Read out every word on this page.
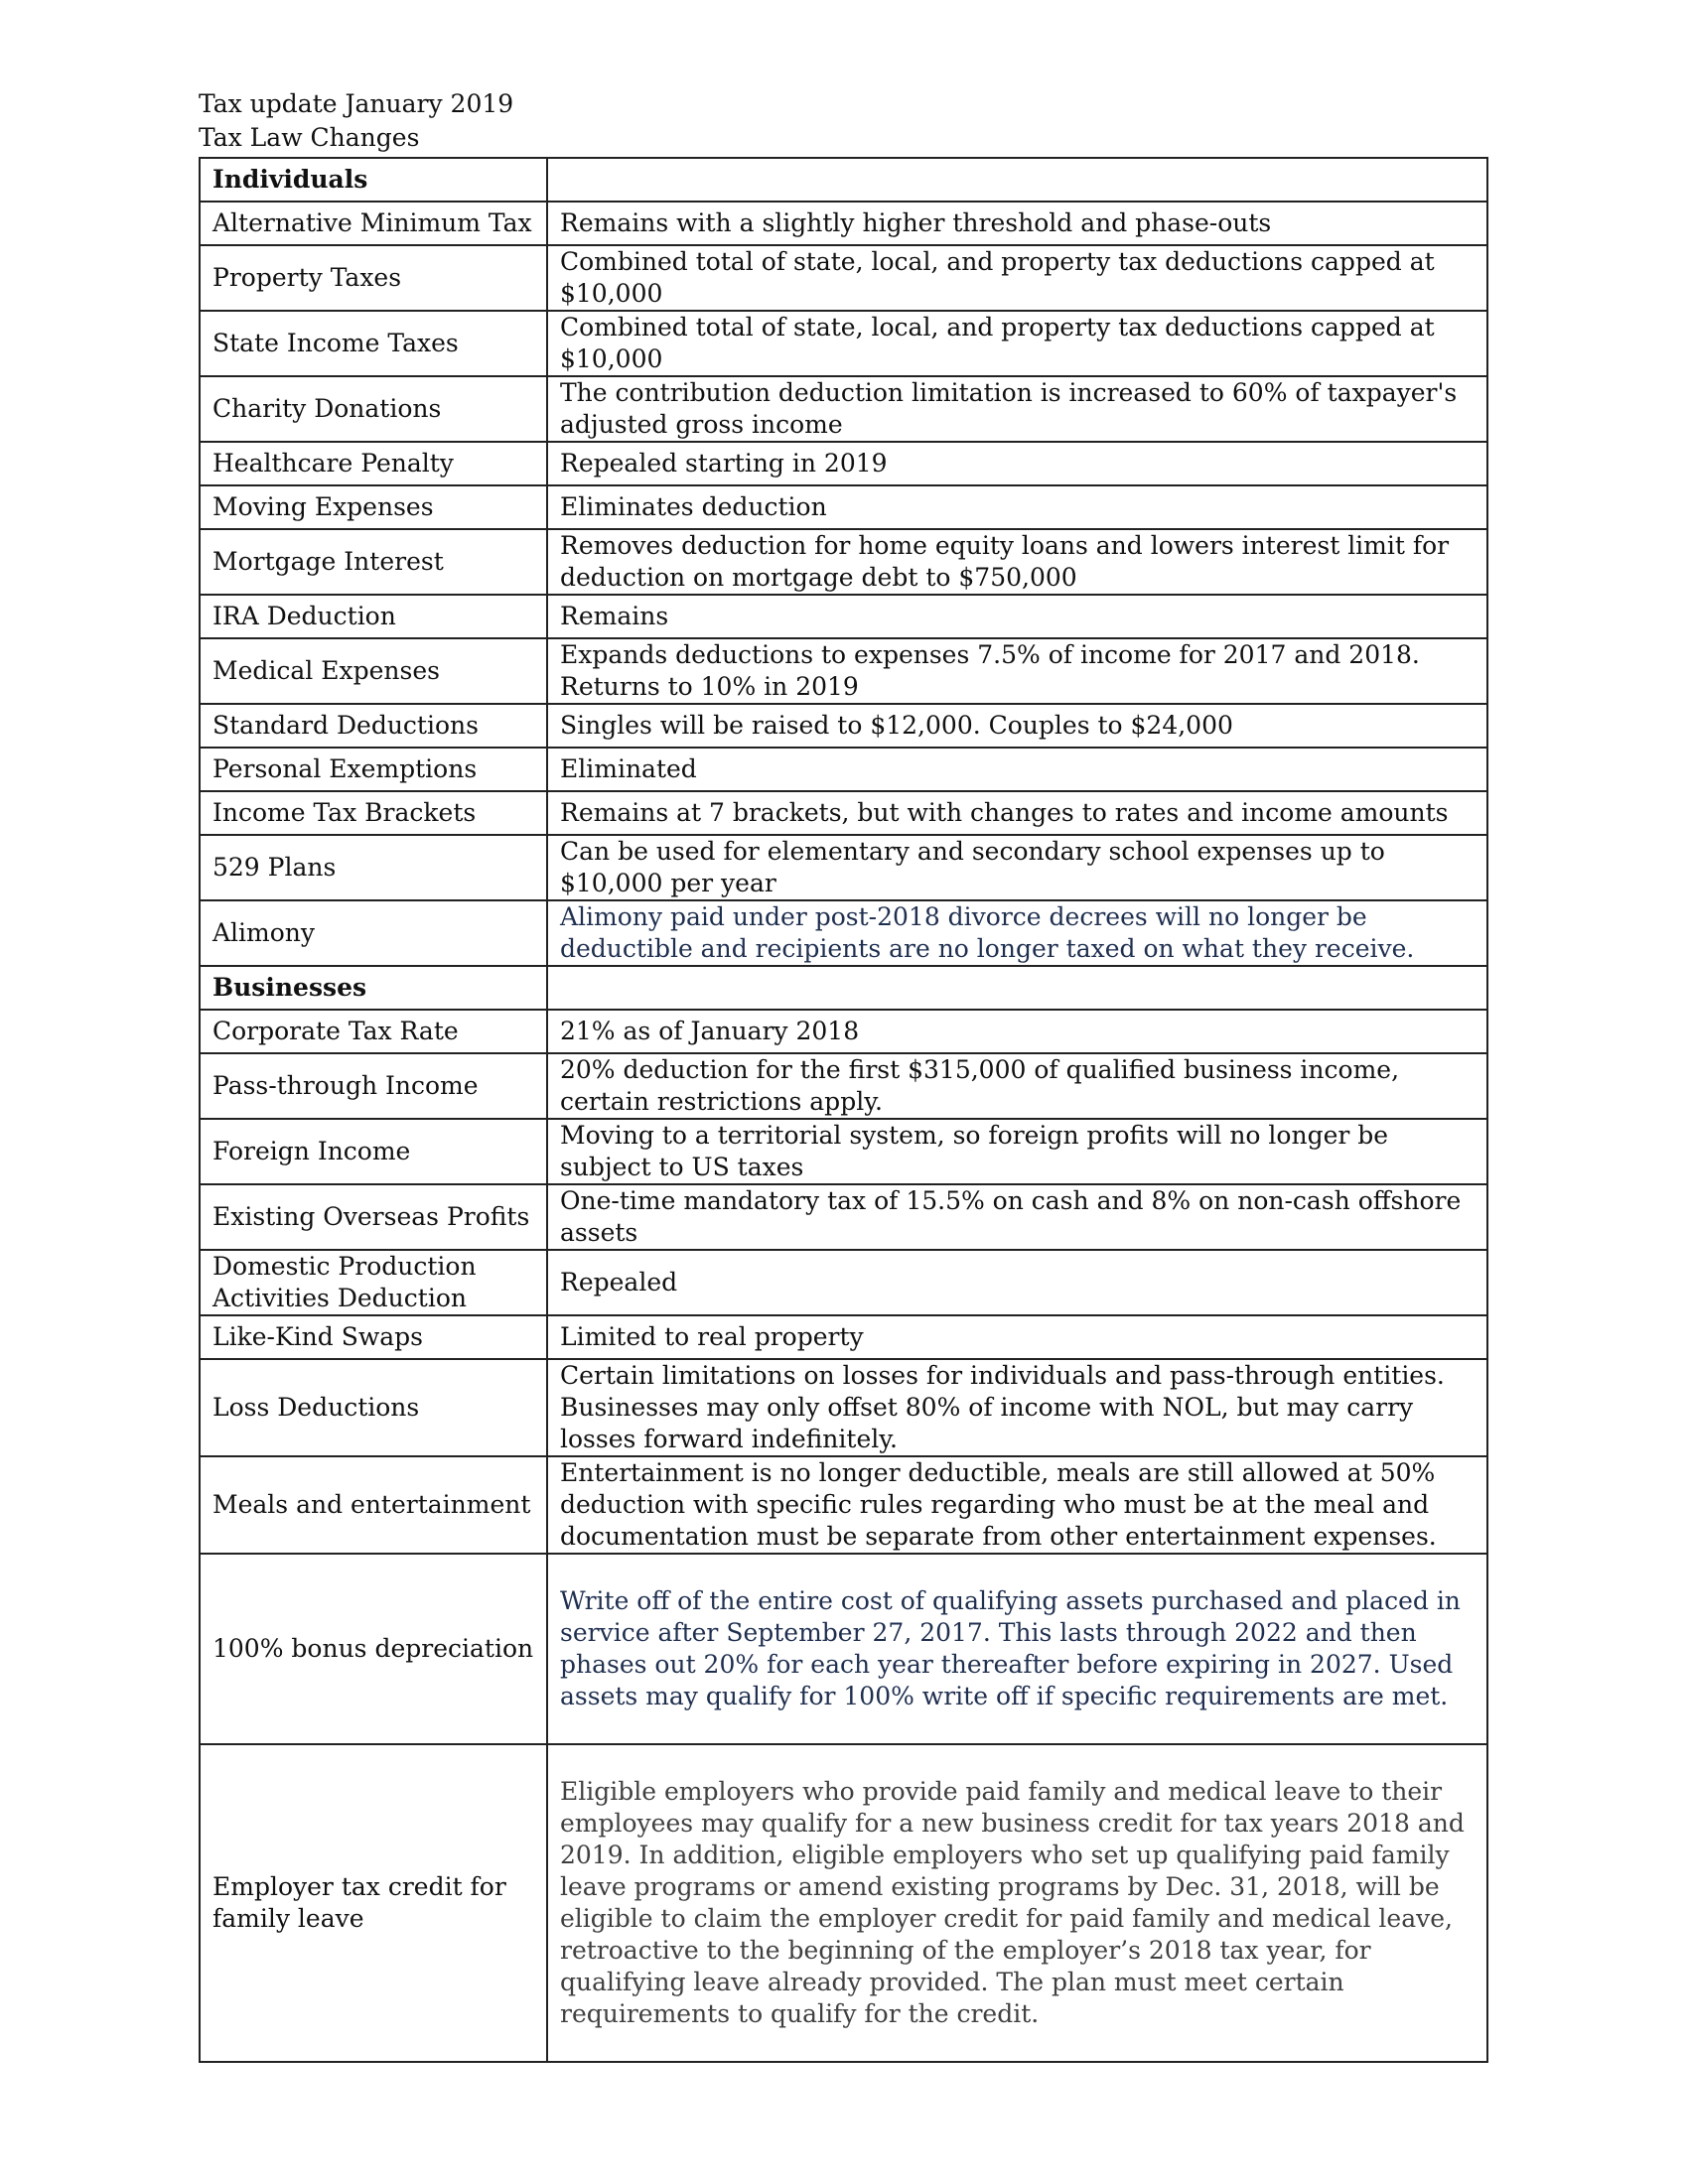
Tax update January 2019
Tax Law Changes
Individuals	
Alternative Minimum Tax	Remains with a slightly higher threshold and phase-outs
Property Taxes	Combined total of state, local, and property tax deductions capped at $10,000
State Income Taxes	Combined total of state, local, and property tax deductions capped at $10,000
Charity Donations	The contribution deduction limitation is increased to 60% of taxpayer's adjusted gross income
Healthcare Penalty	Repealed starting in 2019
Moving Expenses	Eliminates deduction
Mortgage Interest	Removes deduction for home equity loans and lowers interest limit for deduction on mortgage debt to $750,000
IRA Deduction	Remains
Medical Expenses	Expands deductions to expenses 7.5% of income for 2017 and 2018. Returns to 10% in 2019
Standard Deductions	Singles will be raised to $12,000. Couples to $24,000
Personal Exemptions	Eliminated
Income Tax Brackets	Remains at 7 brackets, but with changes to rates and income amounts
529 Plans	Can be used for elementary and secondary school expenses up to $10,000 per year
Alimony	Alimony paid under post-2018 divorce decrees will no longer be deductible and recipients are no longer taxed on what they receive.
Businesses	
Corporate Tax Rate	21% as of January 2018
Pass-through Income	20% deduction for the first $315,000 of qualified business income, certain restrictions apply.
Foreign Income	Moving to a territorial system, so foreign profits will no longer be subject to US taxes
Existing Overseas Profits	One-time mandatory tax of 15.5% on cash and 8% on non-cash offshore assets
Domestic Production Activities Deduction	Repealed
Like-Kind Swaps	Limited to real property
Loss Deductions	Certain limitations on losses for individuals and pass-through entities. Businesses may only offset 80% of income with NOL, but may carry losses forward indefinitely.
Meals and entertainment	Entertainment is no longer deductible, meals are still allowed at 50% deduction with specific rules regarding who must be at the meal and documentation must be separate from other entertainment expenses.
100% bonus depreciation	Write off of the entire cost of qualifying assets purchased and placed in service after September 27, 2017. This lasts through 2022 and then phases out 20% for each year thereafter before expiring in 2027. Used assets may qualify for 100% write off if specific requirements are met.
Employer tax credit for family leave	Eligible employers who provide paid family and medical leave to their employees may qualify for a new business credit for tax years 2018 and 2019. In addition, eligible employers who set up qualifying paid family leave programs or amend existing programs by Dec. 31, 2018, will be eligible to claim the employer credit for paid family and medical leave, retroactive to the beginning of the employer’s 2018 tax year, for qualifying leave already provided. The plan must meet certain requirements to qualify for the credit.
